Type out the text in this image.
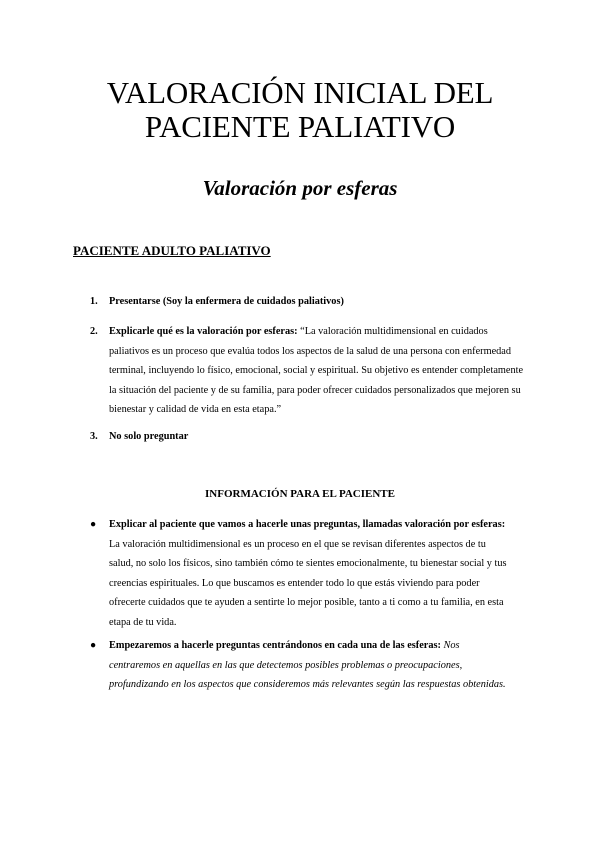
VALORACIÓN INICIAL DEL
PACIENTE PALIATIVO
Valoración por esferas
PACIENTE ADULTO PALIATIVO
1. Presentarse (Soy la enfermera de cuidados paliativos)
2. Explicarle qué es la valoración por esferas: “La valoración multidimensional en cuidados paliativos es un proceso que evalúa todos los aspectos de la salud de una persona con enfermedad terminal, incluyendo lo físico, emocional, social y espiritual. Su objetivo es entender completamente la situación del paciente y de su familia, para poder ofrecer cuidados personalizados que mejoren su bienestar y calidad de vida en esta etapa.”
3. No solo preguntar
INFORMACIÓN PARA EL PACIENTE
● Explicar al paciente que vamos a hacerle unas preguntas, llamadas valoración por esferas: La valoración multidimensional es un proceso en el que se revisan diferentes aspectos de tu salud, no solo los físicos, sino también cómo te sientes emocionalmente, tu bienestar social y tus creencias espirituales. Lo que buscamos es entender todo lo que estás viviendo para poder ofrecerte cuidados que te ayuden a sentirte lo mejor posible, tanto a ti como a tu familia, en esta etapa de tu vida.
● Empezaremos a hacerle preguntas centrándonos en cada una de las esferas: Nos centraremos en aquellas en las que detectemos posibles problemas o preocupaciones, profundizando en los aspectos que consideremos más relevantes según las respuestas obtenidas.
